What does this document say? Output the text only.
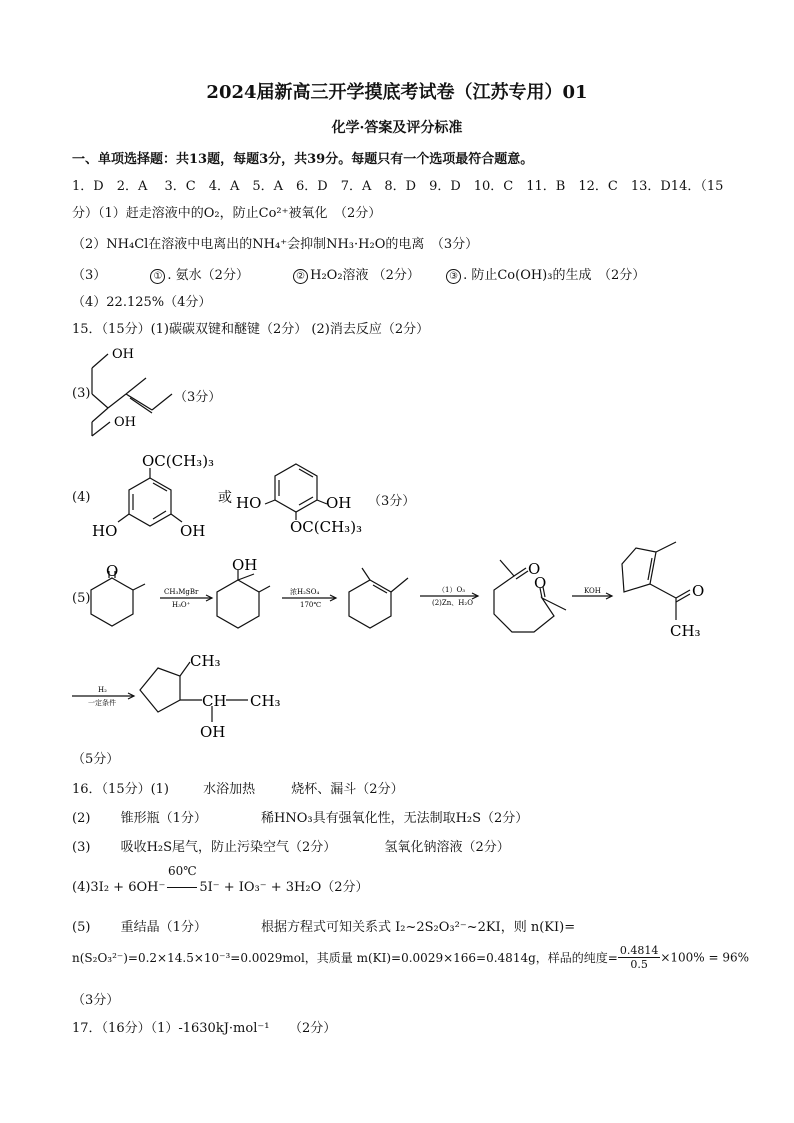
2024届新高三开学摸底考试卷（江苏专用）01
化学·答案及评分标准
一、单项选择题：共13题，每题3分，共39分。每题只有一个选项最符合题意。
1．D　2．A　 3．C　4．A　5．A　6．D　7．A　8．D　9．D　10．C　11．B　12．C　13．D14．（15
分）（1）赶走溶液中的O₂，防止Co²⁺被氧化　（2分）
（2）NH₄Cl在溶液中电离出的NH₄⁺会抑制NH₃·H₂O的电离　（3分）
（3）	① . 氨水（2分）	② H₂O₂溶液 （2分）	③ . 防止Co(OH)₃的生成　（2分）
（4）22.125%（4分）
15．（15分）(1)碳碳双键和醚键（2分） (2)消去反应（2分）
(3)
OH
OH
（3分）
(4)
OC(CH₃)₃
HO	OH
或 HO	OH
OC(CH₃)₃
（3分）
(5)
O
CH₃MgBr
H₃O⁺
OH
浓H₂SO₄
170℃
（1）O₃
(2)Zn、H₂O
O
O	KOH	O
CH₃
H₂
一定条件
CH₃
CH CH₃
OH
（5分）
16．（15分）(1)	水浴加热	烧杯、漏斗（2分）
(2) 锥形瓶（1分）	稀HNO₃具有强氧化性，无法制取H₂S（2分）
(3) 吸收H₂S尾气，防止污染空气（2分）	氢氧化钠溶液（2分）
(4)3I₂ + 6OH⁻
60℃
5I⁻ + IO₃⁻ + 3H₂O（2分）
(5) 重结晶（1分）	根据方程式可知关系式 I₂~2S₂O₃²⁻~2KI，则 n(KI)=
n(S₂O₃²⁻)=0.2×14.5×10⁻³=0.0029mol，其质量 m(KI)=0.0029×166=0.4814g，样品的纯度= $\frac{0.4814}{0.5} \times 100\% = 96\%$
（3分）
17．（16分）（1）-1630kJ·mol⁻¹　　（2分）
